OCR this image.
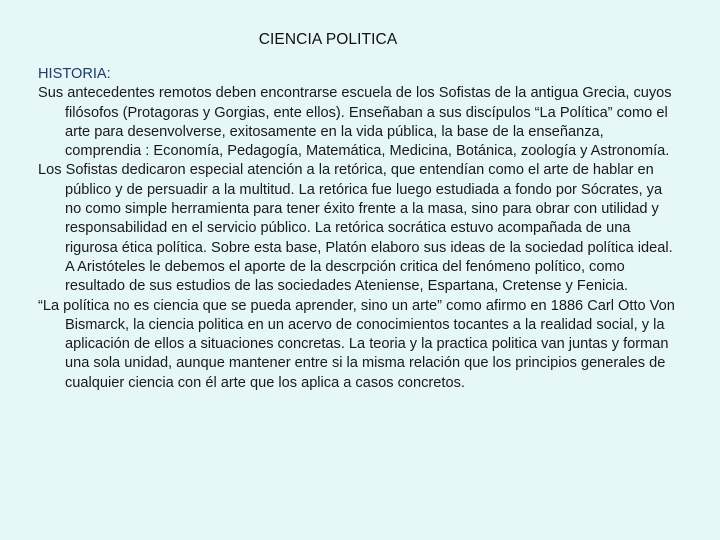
CIENCIA POLITICA

HISTORIA:

Sus antecedentes remotos deben encontrarse escuela de los Sofistas de la antigua Grecia, cuyos filósofos (Protagoras y Gorgias, ente ellos). Enseñaban a sus discípulos “La Política” como el arte para desenvolverse, exitosamente en la vida pública, la base de la enseñanza, comprendia : Economía, Pedagogía, Matemática, Medicina, Botánica, zoología y Astronomía.

Los Sofistas dedicaron especial atención a la retórica, que entendían como el arte de hablar en público y de persuadir a la multitud. La retórica fue luego estudiada a fondo por Sócrates, ya no como simple herramienta para tener éxito frente a la masa, sino para obrar con utilidad y responsabilidad en el servicio público. La retórica socrática estuvo acompañada de una rigurosa ética política. Sobre esta base, Platón elaboro sus ideas de la sociedad política ideal. A Aristóteles le debemos el aporte de la descrpción critica del fenómeno político, como resultado de sus estudios de las sociedades Ateniense, Espartana, Cretense y Fenicia.

“La política no es ciencia que se pueda aprender, sino un arte” como afirmo en 1886 Carl Otto Von Bismarck, la ciencia politica en un acervo de conocimientos tocantes a la realidad social, y la aplicación de ellos a situaciones concretas. La teoria y la practica politica van juntas y forman una sola unidad, aunque mantener entre si la misma relación que los principios generales de cualquier ciencia con él arte que los aplica a casos concretos.
